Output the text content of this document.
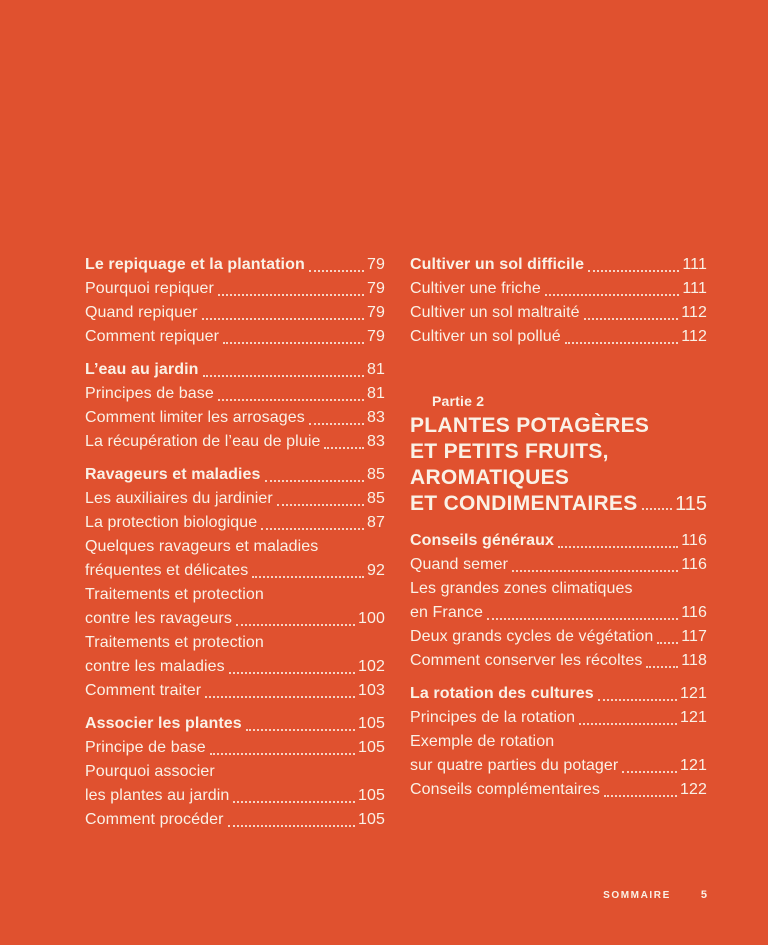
Le repiquage et la plantation	79
Pourquoi repiquer	79
Quand repiquer	79
Comment repiquer	79
L’eau au jardin	81
Principes de base	81
Comment limiter les arrosages	83
La récupération de l’eau de pluie	83
Ravageurs et maladies	85
Les auxiliaires du jardinier	85
La protection biologique	87
Quelques ravageurs et maladies
fréquentes et délicates	92
Traitements et protection
contre les ravageurs	100
Traitements et protection
contre les maladies	102
Comment traiter	103
Associer les plantes	105
Principe de base	105
Pourquoi associer
les plantes au jardin	105
Comment procéder	105
Cultiver un sol difficile	111
Cultiver une friche	111
Cultiver un sol maltraité	112
Cultiver un sol pollué	112
Partie 2
PLANTES POTAGÈRES
ET PETITS FRUITS,
AROMATIQUES
ET CONDIMENTAIRES 115
Conseils généraux	116
Quand semer	116
Les grandes zones climatiques
en France	116
Deux grands cycles de végétation 117
Comment conserver les récoltes 118
La rotation des cultures	121
Principes de la rotation	121
Exemple de rotation
sur quatre parties du potager	121
Conseils complémentaires	122
SOMMAIRE	5
